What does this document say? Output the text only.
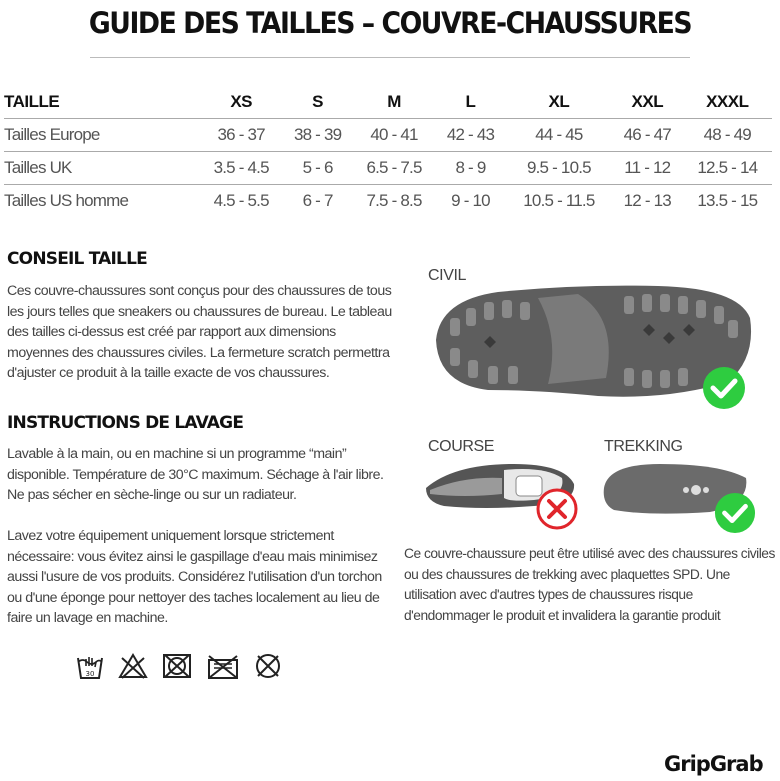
GUIDE DES TAILLES – COUVRE-CHAUSSURES
TAILLE	XS	S	M	L	XL	XXL	XXXL
Tailles Europe	36 - 37	38 - 39	40 - 41	42 - 43	44 - 45	46 - 47	48 - 49
Tailles UK	3.5 - 4.5	5 - 6	6.5 - 7.5	8 - 9	9.5 - 10.5	11 - 12	12.5 - 14
Tailles US homme	4.5 - 5.5	6 - 7	7.5 - 8.5	9 - 10	10.5 - 11.5	12 - 13	13.5 - 15
CONSEIL TAILLE
Ces couvre-chaussures sont conçus pour des chaussures de tous les jours telles que sneakers ou chaussures de bureau. Le tableau des tailles ci-dessus est créé par rapport aux dimensions moyennes des chaussures civiles. La fermeture scratch permettra d'ajuster ce produit à la taille exacte de vos chaussures.
INSTRUCTIONS DE LAVAGE
Lavable à la main, ou en machine si un programme “main” disponible. Température de 30°C maximum. Séchage à l'air libre. Ne pas sécher en sèche-linge ou sur un radiateur.
Lavez votre équipement uniquement lorsque strictement nécessaire: vous évitez ainsi le gaspillage d'eau mais minimisez aussi l'usure de vos produits. Considérez l'utilisation d'un torchon ou d'une éponge pour nettoyer des taches localement au lieu de faire un lavage en machine.
30
CIVIL
COURSE	TREKKING
Ce couvre-chaussure peut être utilisé avec des chaussures civiles ou des chaussures de trekking avec plaquettes SPD. Une utilisation avec d'autres types de chaussures risque d'endommager le produit et invalidera la garantie produit
GripGrab
